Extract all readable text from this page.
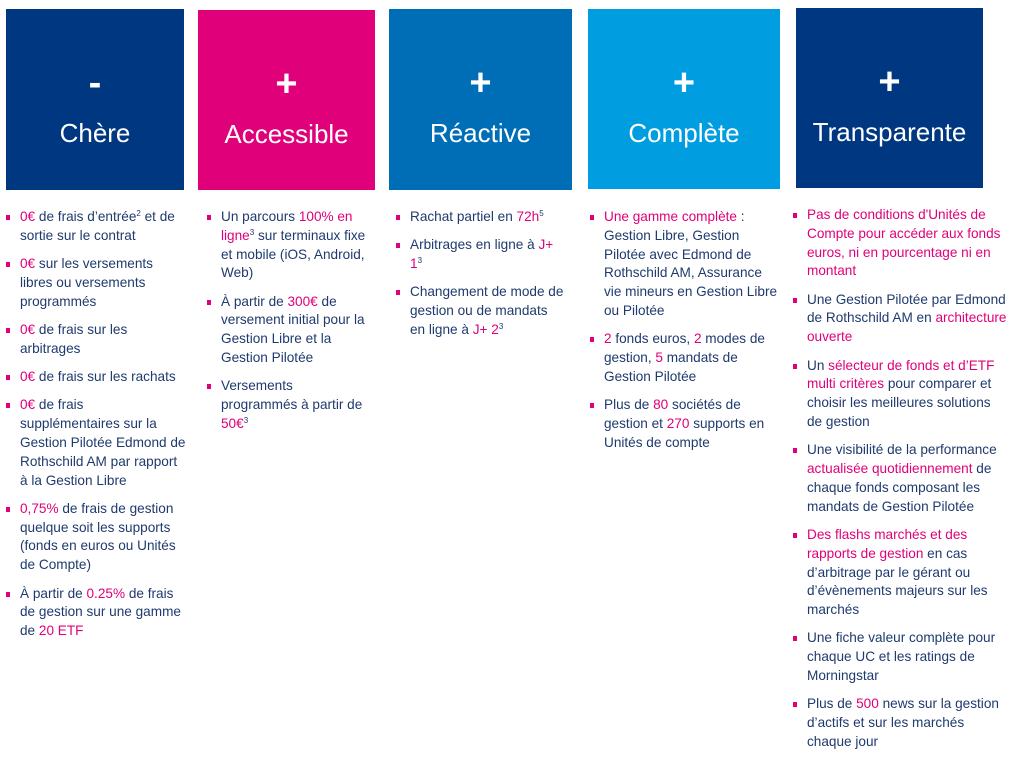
-
Chère
0€ de frais d’entrée$^2$ et de sortie sur le contrat
0€ sur les versements libres ou versements programmés
0€ de frais sur les arbitrages
0€ de frais sur les rachats
0€ de frais supplémentaires sur la Gestion Pilotée Edmond de Rothschild AM par rapport à la Gestion Libre
0,75% de frais de gestion quelque soit les supports (fonds en euros ou Unités de Compte)
À partir de 0.25% de frais de gestion sur une gamme de 20 ETF
+
Accessible
Un parcours 100% en ligne$^3$ sur terminaux fixe et mobile (iOS, Android, Web)
À partir de 300€ de versement initial pour la Gestion Libre et la Gestion Pilotée
Versements programmés à partir de 50€$^3$
+
Réactive
Rachat partiel en $72h^5$
Arbitrages en ligne à $J+ 1^3$
Changement de mode de gestion ou de mandats en ligne à $J+ 2^3$
+
Complète
Une gamme complète : Gestion Libre, Gestion Pilotée avec Edmond de Rothschild AM, Assurance vie mineurs en Gestion Libre ou Pilotée
2 fonds euros, 2 modes de gestion, 5 mandats de Gestion Pilotée
Plus de 80 sociétés de gestion et 270 supports en Unités de compte
+
Transparente
Pas de conditions d'Unités de Compte pour accéder aux fonds euros, ni en pourcentage ni en montant
Une Gestion Pilotée par Edmond de Rothschild AM en architecture ouverte
Un sélecteur de fonds et d’ETF multi critères pour comparer et choisir les meilleures solutions de gestion
Une visibilité de la performance actualisée quotidiennement de chaque fonds composant les mandats de Gestion Pilotée
Des flashs marchés et des rapports de gestion en cas d’arbitrage par le gérant ou d’évènements majeurs sur les marchés
Une fiche valeur complète pour chaque UC et les ratings de Morningstar
Plus de 500 news sur la gestion d’actifs et sur les marchés chaque jour
